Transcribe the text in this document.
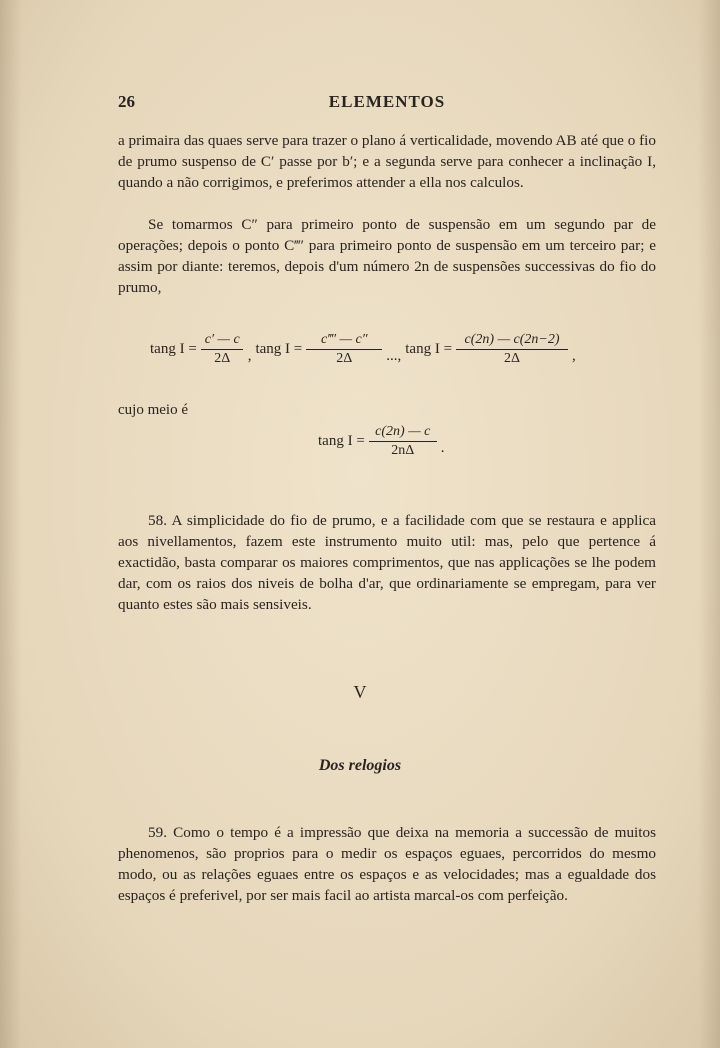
ELEMENTOS
26

a primaira das quaes serve para trazer o plano á verticalidade, movendo AB até que o fio de prumo suspenso de C′ passe por b′; e a segunda serve para conhecer a inclinação I, quando a não corrigimos, e preferimos attender a ella nos calculos.

Se tomarmos C″ para primeiro ponto de suspensão em um segundo par de operações; depois o ponto C‴′ para primeiro ponto de suspensão em um terceiro par; e assim por diante: teremos, depois d'um número 2n de suspensões successivas do fio do prumo,

tang $I = \frac{c' — c}{2\Delta}$ , tang $I = \frac{c‴' — c''}{2\Delta}$ ..., tang $I = \frac{c(2n) — c(2n-2)}{2\Delta}$ ,
cujo meio é
tang $I = \frac{c(2n) — c}{2n\Delta}$ .

58. A simplicidade do fio de prumo, e a facilidade com que se restaura e applica aos nivellamentos, fazem este instrumento muito util: mas, pelo que pertence á exactidão, basta comparar os maiores comprimentos, que nas applicações se lhe podem dar, com os raios dos niveis de bolha d'ar, que ordinariamente se empregam, para ver quanto estes são mais sensiveis.

V
Dos relogios

59. Como o tempo é a impressão que deixa na memoria a successão de muitos phenomenos, são proprios para o medir os espaços eguaes, percorridos do mesmo modo, ou as relações eguaes entre os espaços e as velocidades; mas a egualdade dos espaços é preferivel, por ser mais facil ao artista marcal-os com perfeição.
